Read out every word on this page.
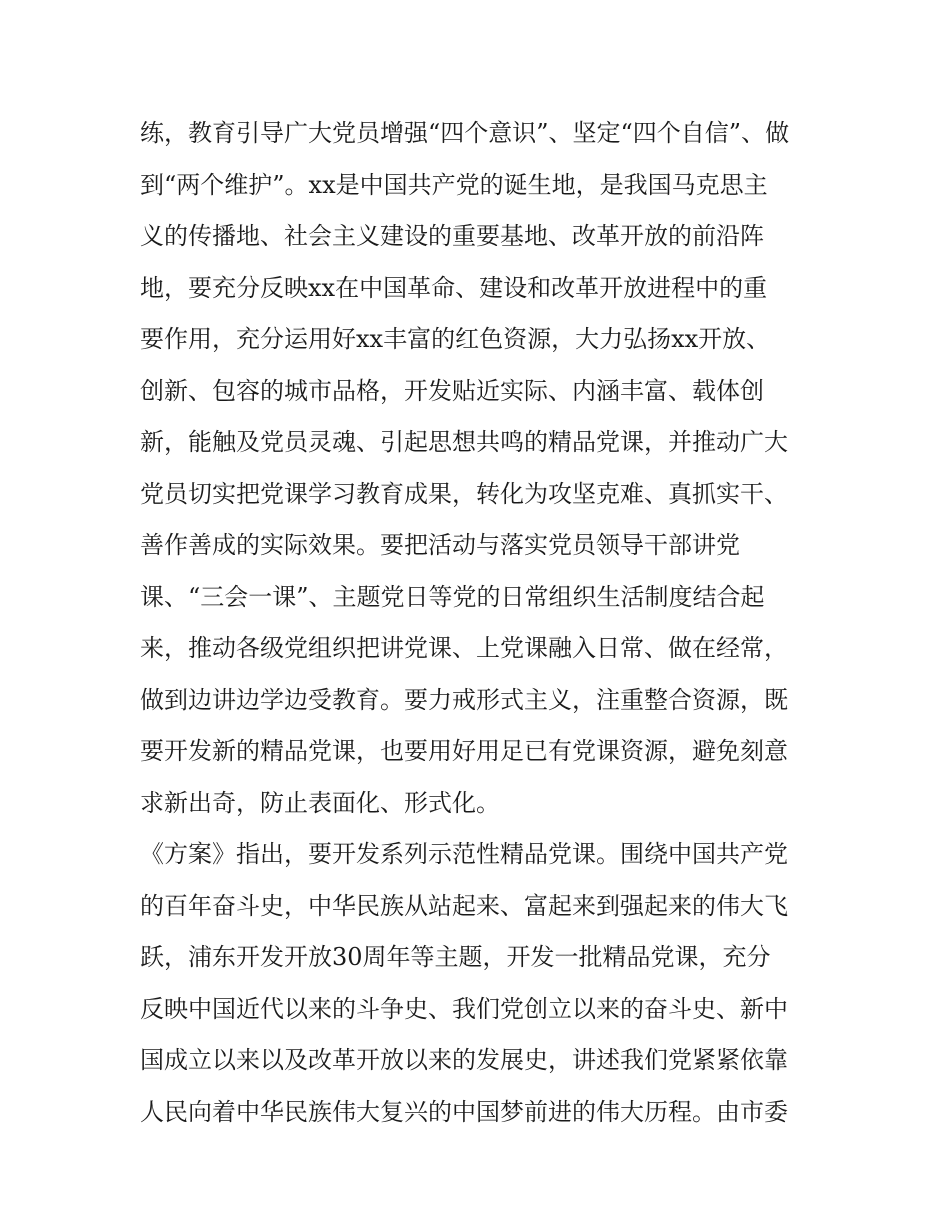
练，教育引导广大党员增强“四个意识”、坚定“四个自信”、做
到“两个维护”。xx是中国共产党的诞生地，是我国马克思主
义的传播地、社会主义建设的重要基地、改革开放的前沿阵
地，要充分反映xx在中国革命、建设和改革开放进程中的重
要作用，充分运用好xx丰富的红色资源，大力弘扬xx开放、
创新、包容的城市品格，开发贴近实际、内涵丰富、载体创
新，能触及党员灵魂、引起思想共鸣的精品党课，并推动广大
党员切实把党课学习教育成果，转化为攻坚克难、真抓实干、
善作善成的实际效果。要把活动与落实党员领导干部讲党
课、“三会一课”、主题党日等党的日常组织生活制度结合起
来，推动各级党组织把讲党课、上党课融入日常、做在经常，
做到边讲边学边受教育。要力戒形式主义，注重整合资源，既
要开发新的精品党课，也要用好用足已有党课资源，避免刻意
求新出奇，防止表面化、形式化。
《方案》指出，要开发系列示范性精品党课。围绕中国共产党
的百年奋斗史，中华民族从站起来、富起来到强起来的伟大飞
跃，浦东开发开放30周年等主题，开发一批精品党课，充分
反映中国近代以来的斗争史、我们党创立以来的奋斗史、新中
国成立以来以及改革开放以来的发展史，讲述我们党紧紧依靠
人民向着中华民族伟大复兴的中国梦前进的伟大历程。由市委
